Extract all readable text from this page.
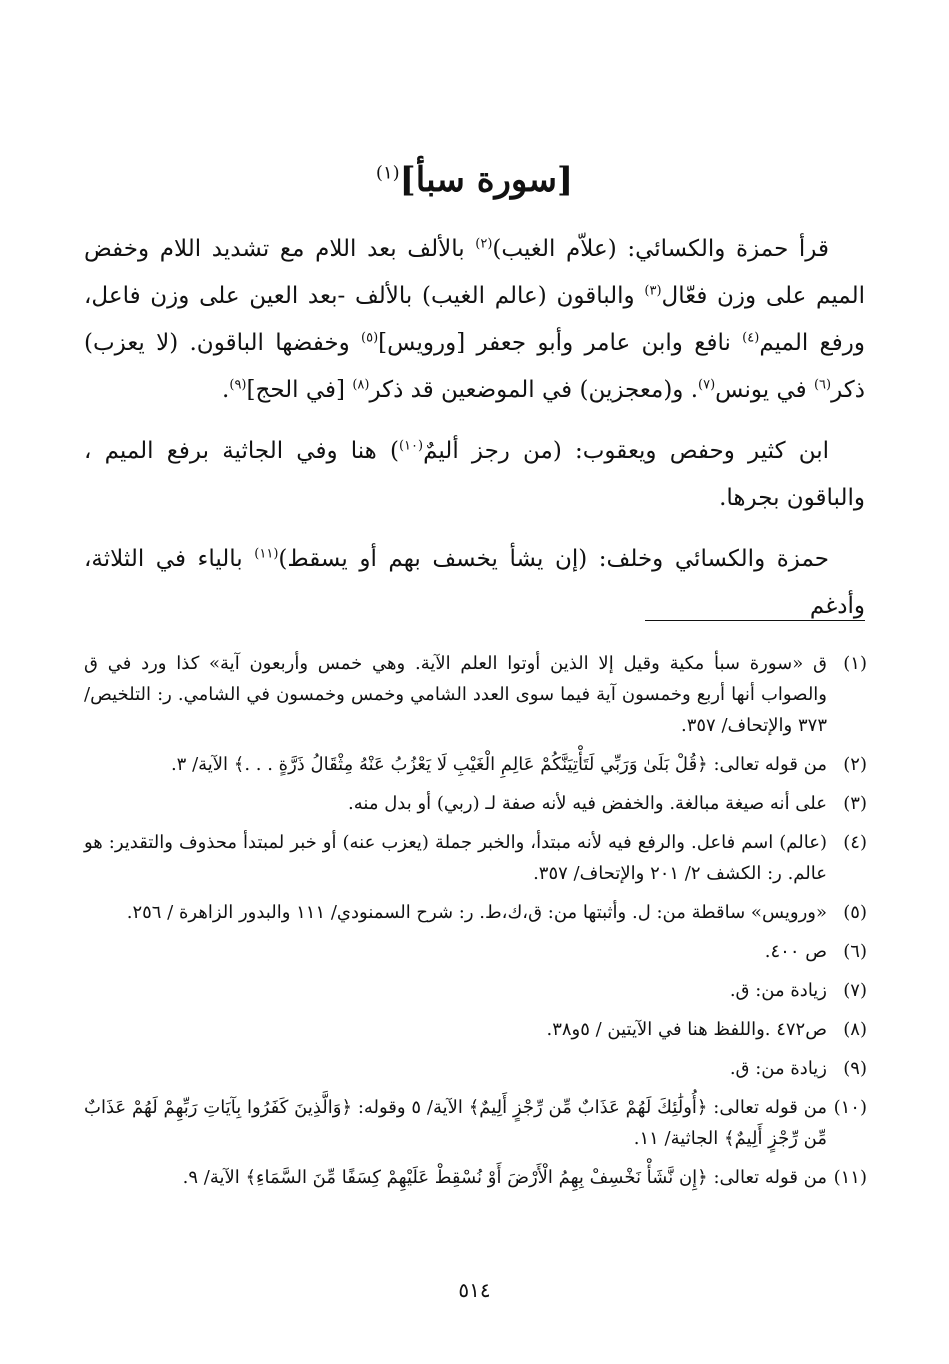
[سورة سبأ]$^{(١)}$

قرأ حمزة والكسائي: (علاّم الغيب)$^{(٢)}$ بالألف بعد اللام مع تشديد اللام وخفض الميم على وزن فعّال$^{(٣)}$ والباقون (عالم الغيب) بالألف -بعد العين على وزن فاعل، ورفع الميم$^{(٤)}$ نافع وابن عامر وأبو جعفر [ورويس]$^{(٥)}$ وخفضها الباقون. (لا يعزب) ذكر$^{(٦)}$ في يونس$^{(٧)}$. و(معجزين) في الموضعين قد ذكر$^{(٨)}$ [في الحج]$^{(٩)}$.

ابن كثير وحفص ويعقوب: (من رجز أليمٌ$^{(١٠)}$) هنا وفي الجاثية برفع الميم ، والباقون بجرها.

حمزة والكسائي وخلف: (إن يشأ يخسف بهم أو يسقط)$^{(١١)}$ بالياء في الثلاثة، وأدغم

(١)
ق «سورة سبأ مكية وقيل إلا الذين أوتوا العلم الآية. وهي خمس وأربعون آية» كذا ورد في ق والصواب أنها أربع وخمسون آية فيما سوى العدد الشامي وخمس وخمسون في الشامي. ر: التلخيص/ ٣٧٣ والإتحاف/ ٣٥٧.
(٢)
من قوله تعالى: ﴿قُلْ بَلَىٰ وَرَبِّي لَتَأْتِيَنَّكُمْ عَالِمِ الْغَيْبِ لَا يَعْزُبُ عَنْهُ مِثْقَالُ ذَرَّةٍ . . .﴾ الآية/ ٣.
(٣)
على أنه صيغة مبالغة. والخفض فيه لأنه صفة لـ (ربي) أو بدل منه.
(٤)
(عالم) اسم فاعل. والرفع فيه لأنه مبتدأ، والخبر جملة (يعزب عنه) أو خبر لمبتدأ محذوف والتقدير: هو عالم. ر: الكشف ٢/ ٢٠١ والإتحاف/ ٣٥٧.
(٥)
«ورويس» ساقطة من: ل. وأثبتها من: ق،ك،ط. ر: شرح السمنودي/ ١١١ والبدور الزاهرة / ٢٥٦.
(٦)
ص ٤٠٠.
(٧)
زيادة من: ق.
(٨)
ص٤٧٢ .واللفظ هنا في الآيتين / ٥و٣٨.
(٩)
زيادة من: ق.
(١٠)
من قوله تعالى: ﴿أُولَٰئِكَ لَهُمْ عَذَابٌ مِّن رِّجْزٍ أَلِيمٌ﴾ الآية/ ٥ وقوله: ﴿وَالَّذِينَ كَفَرُوا بِآيَاتِ رَبِّهِمْ لَهُمْ عَذَابٌ مِّن رِّجْزٍ أَلِيمٌ﴾ الجاثية/ ١١.
(١١)
من قوله تعالى: ﴿إِن نَّشَأْ نَخْسِفْ بِهِمُ الْأَرْضَ أَوْ نُسْقِطْ عَلَيْهِمْ كِسَفًا مِّنَ السَّمَاءِ﴾ الآية/ ٩.
٥١٤
